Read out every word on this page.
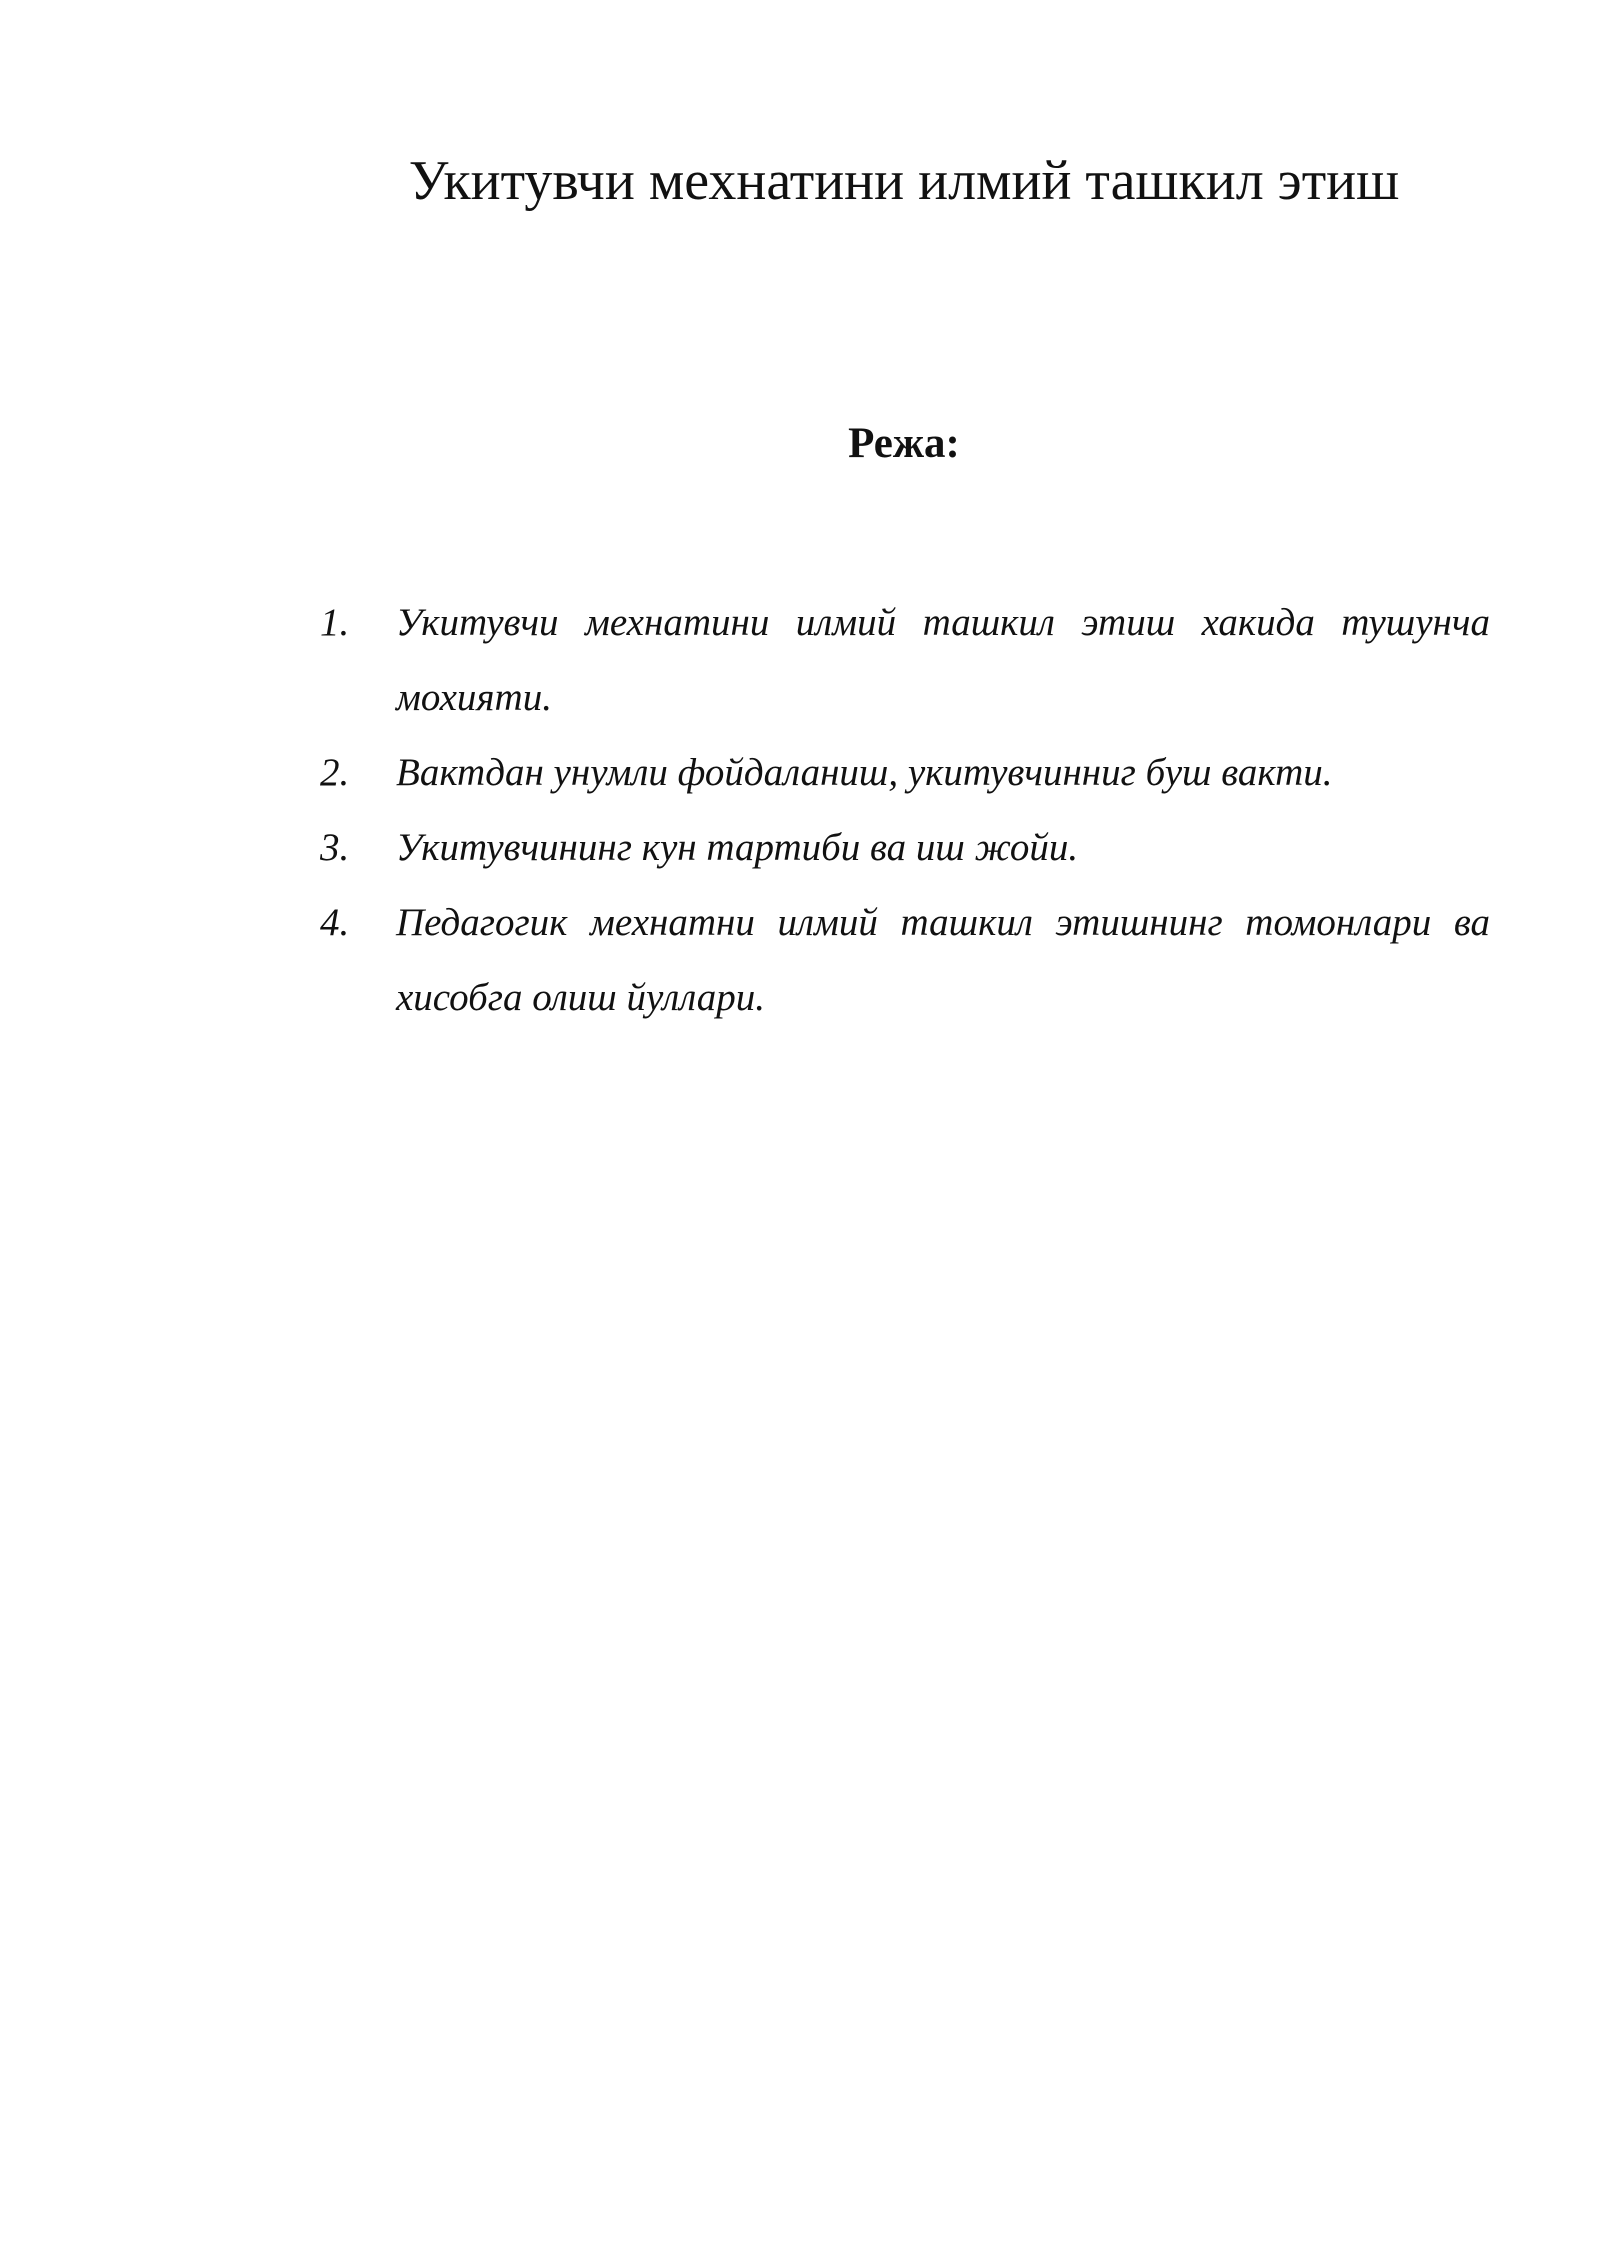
Укитувчи мехнатини илмий ташкил этиш
Режа:
1.	Укитувчи мехнатини илмий ташкил этиш хакида тушунча мохияти.
2.	Вактдан унумли фойдаланиш, укитувчинниг буш вакти.
3.	Укитувчининг кун тартиби ва иш жойи.
4.	Педагогик мехнатни илмий ташкил этишнинг томонлари ва хисобга олиш йуллари.
